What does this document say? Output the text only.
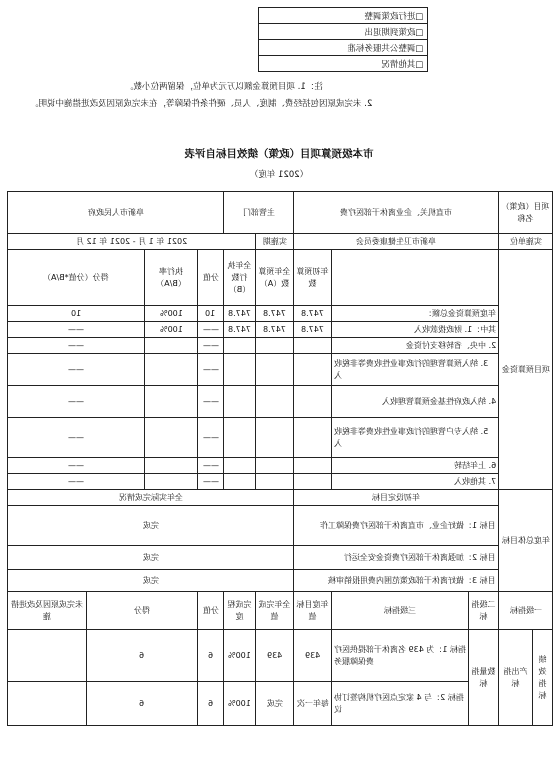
□进行政策调整
□政策到期退出
□调整公共服务标准
□其他情况
注：1. 项目预算金额以万元为单位，保留两位小数。
2. 未完成原因包括经费、制度、人员、硬件条件保障等，在未完成原因及改进措施中说明。
市本级预算项目（政策）绩效目标自评表
（2021 年度）
阜新市人民政府				主管部门		市直机关、企业离休干部医疗费			项目（政策）名称	
2021 年 1 月 - 2021 年 12 月					实施期	阜新市卫生健康委员会			实施单位	
得分（分值*B/A）		执行率（B/A）	分值	全年执行数（B）	全年预算数（A）	年初预算数			项目预算资金	
10		100%	10	747.8	747.8	747.8	年度预算资金总额：			
——		100%	——	747.8	747.8	747.8	其中：1. 财政拨款收入			
——			——				2. 中央、省转移支付资金			
——			——				3. 纳入预算管理的行政事业性收费等非税收入			
——			——				4. 纳入政府性基金预算管理收入			
——			——				5. 纳入专户管理的行政事业性收费等非税收入			
——			——				6. 上年结转			
——			——				7. 其他收入			
全年实际完成情况						年初设定目标			年度总体目标	
完成						目标 1：做好企业、市直离休干部医疗费保障工作				
完成						目标 2：加强离休干部医疗费资金安全运行				
完成						目标 3：做好离休干部政策范围内费用报销审核				
未完成原因及改进措施	得分		分值	完成程度	全年完成值	年度目标值	三级指标	二级指标	一级指标	
	6		6	100%	439	439	指标 1：为 439 名离休干部提供医疗费保障服务	数量指标	产出指标	绩效指标
	6		6	100%	完成	每年一次	指标 2：与 4 家定点医疗机构签订协议			
